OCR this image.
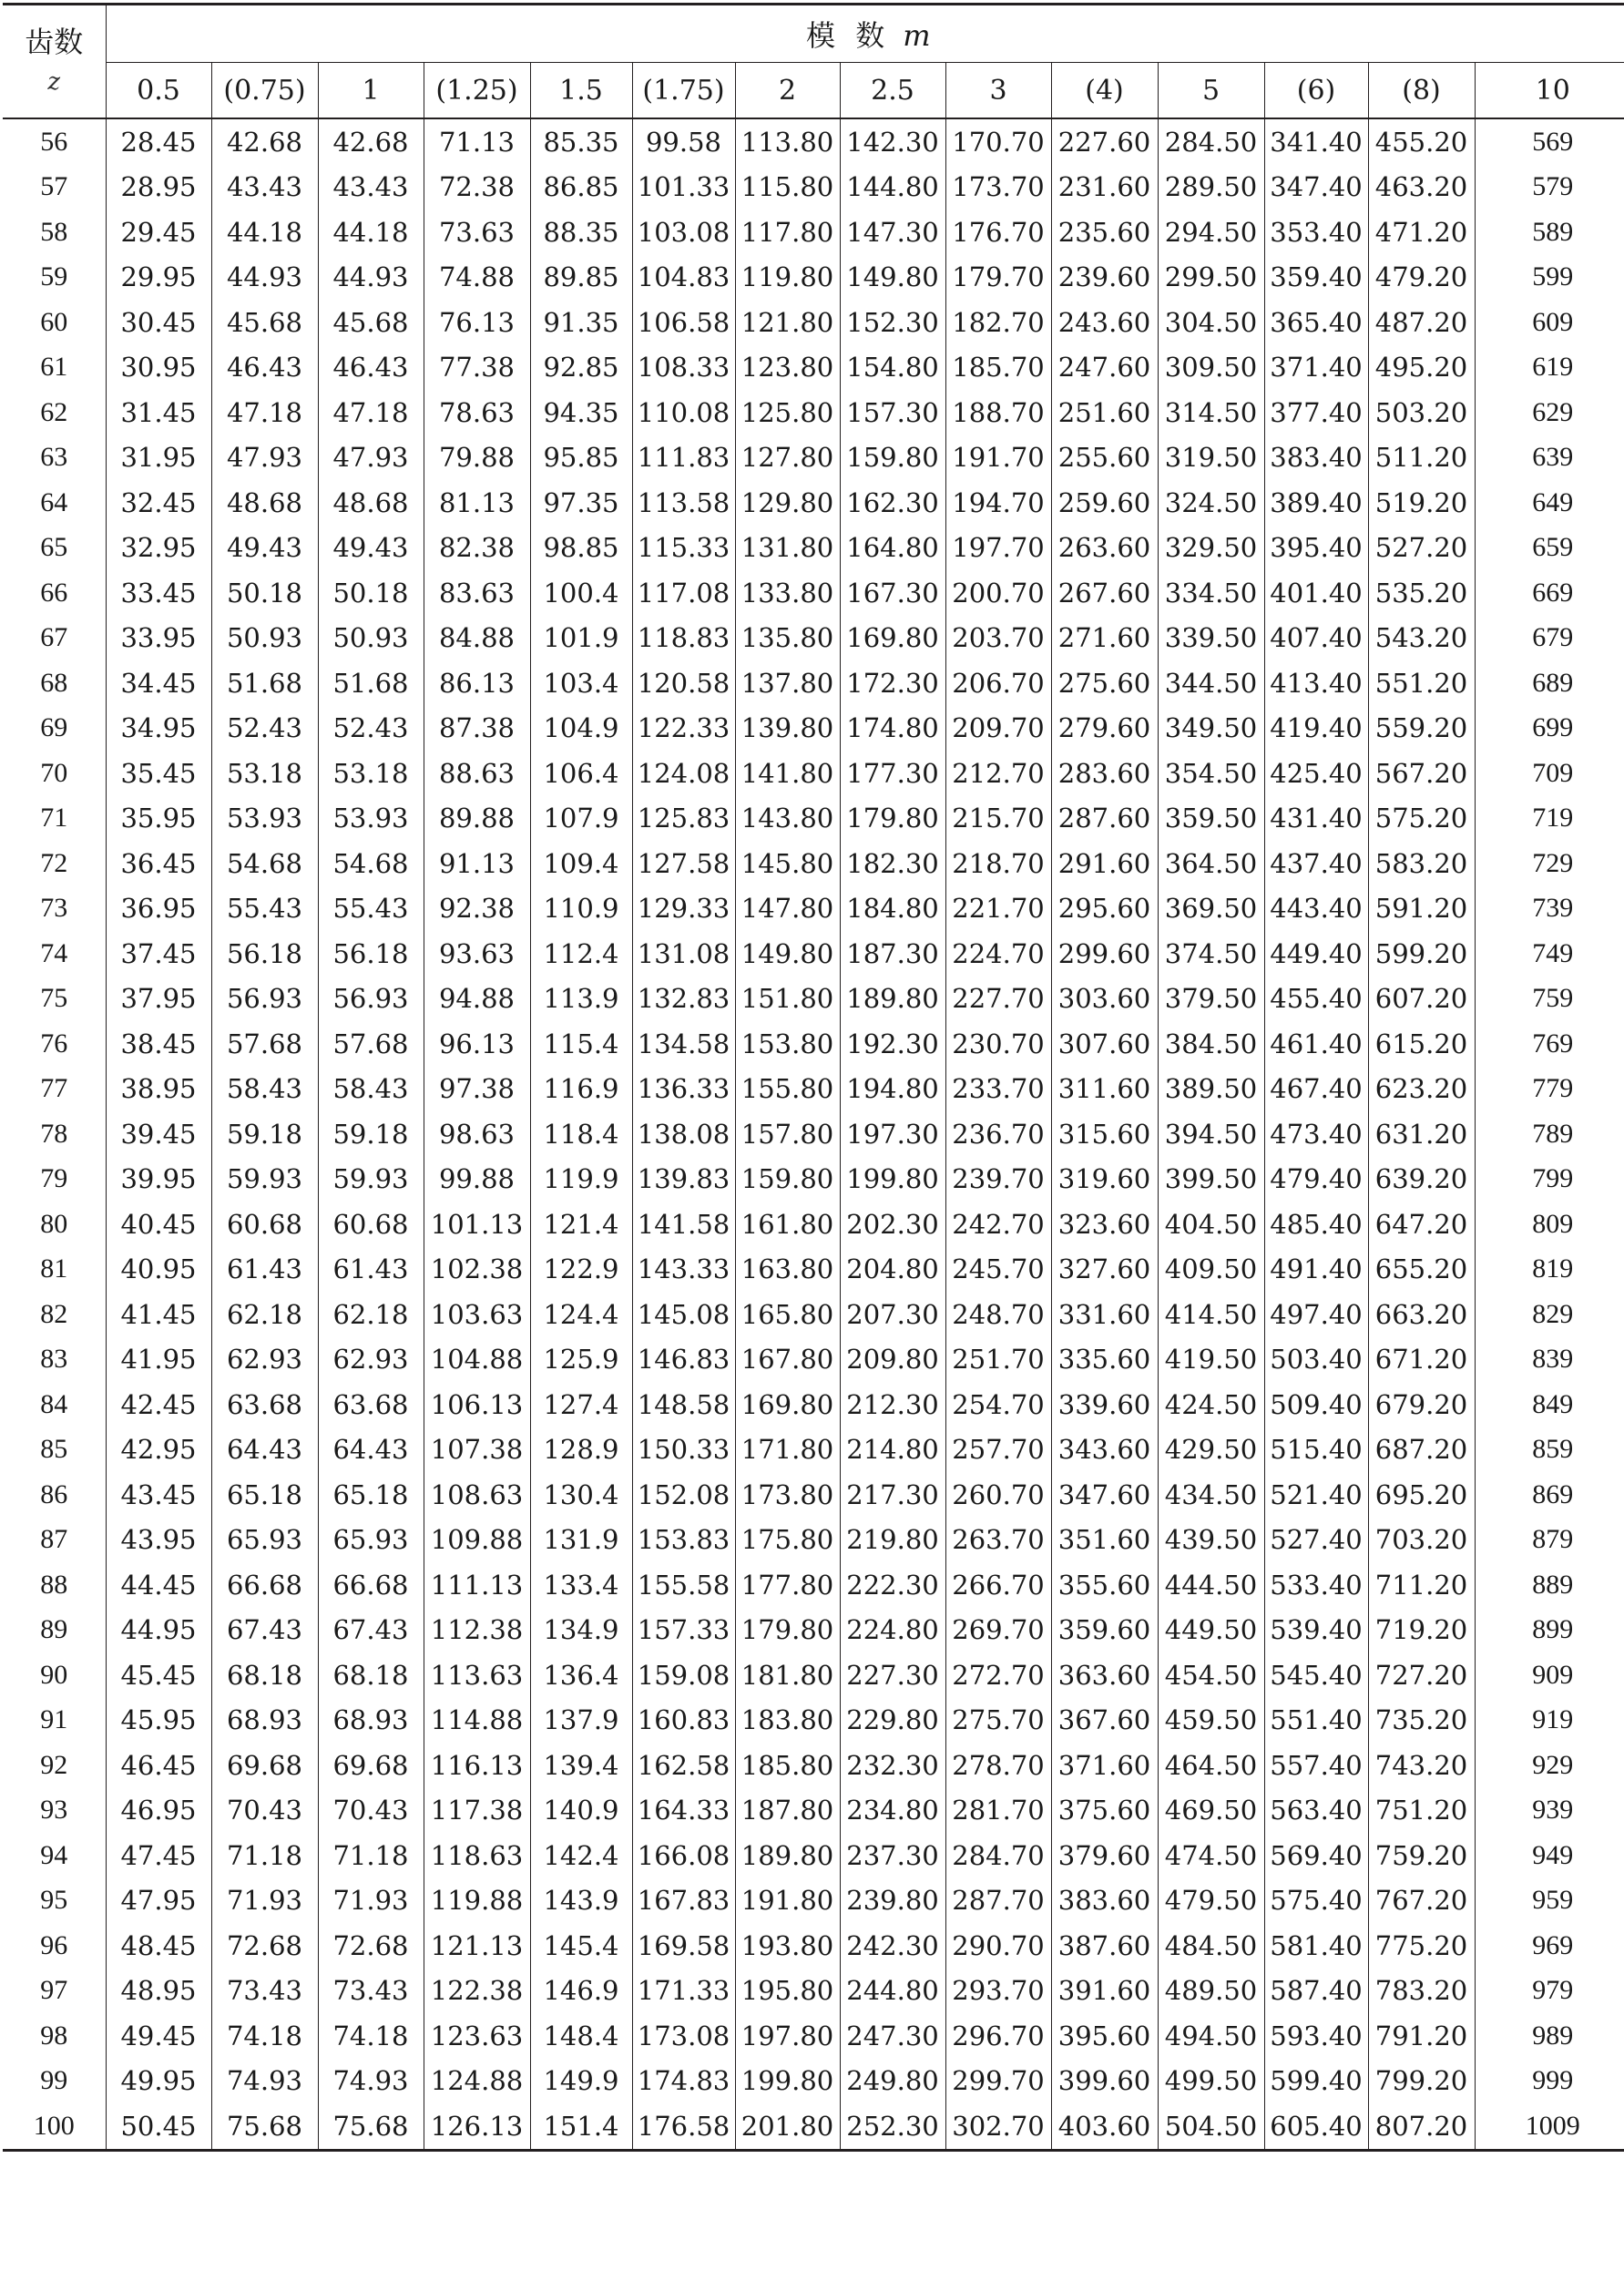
齿数
z	模 数 m													
	0.5	(0.75)	1	(1.25)	1.5	(1.75)	2	2.5	3	(4)	5	(6)	(8)	10
56	28.45	42.68	42.68	71.13	85.35	99.58	113.80	142.30	170.70	227.60	284.50	341.40	455.20	569
57	28.95	43.43	43.43	72.38	86.85	101.33	115.80	144.80	173.70	231.60	289.50	347.40	463.20	579
58	29.45	44.18	44.18	73.63	88.35	103.08	117.80	147.30	176.70	235.60	294.50	353.40	471.20	589
59	29.95	44.93	44.93	74.88	89.85	104.83	119.80	149.80	179.70	239.60	299.50	359.40	479.20	599
60	30.45	45.68	45.68	76.13	91.35	106.58	121.80	152.30	182.70	243.60	304.50	365.40	487.20	609
61	30.95	46.43	46.43	77.38	92.85	108.33	123.80	154.80	185.70	247.60	309.50	371.40	495.20	619
62	31.45	47.18	47.18	78.63	94.35	110.08	125.80	157.30	188.70	251.60	314.50	377.40	503.20	629
63	31.95	47.93	47.93	79.88	95.85	111.83	127.80	159.80	191.70	255.60	319.50	383.40	511.20	639
64	32.45	48.68	48.68	81.13	97.35	113.58	129.80	162.30	194.70	259.60	324.50	389.40	519.20	649
65	32.95	49.43	49.43	82.38	98.85	115.33	131.80	164.80	197.70	263.60	329.50	395.40	527.20	659
66	33.45	50.18	50.18	83.63	100.4	117.08	133.80	167.30	200.70	267.60	334.50	401.40	535.20	669
67	33.95	50.93	50.93	84.88	101.9	118.83	135.80	169.80	203.70	271.60	339.50	407.40	543.20	679
68	34.45	51.68	51.68	86.13	103.4	120.58	137.80	172.30	206.70	275.60	344.50	413.40	551.20	689
69	34.95	52.43	52.43	87.38	104.9	122.33	139.80	174.80	209.70	279.60	349.50	419.40	559.20	699
70	35.45	53.18	53.18	88.63	106.4	124.08	141.80	177.30	212.70	283.60	354.50	425.40	567.20	709
71	35.95	53.93	53.93	89.88	107.9	125.83	143.80	179.80	215.70	287.60	359.50	431.40	575.20	719
72	36.45	54.68	54.68	91.13	109.4	127.58	145.80	182.30	218.70	291.60	364.50	437.40	583.20	729
73	36.95	55.43	55.43	92.38	110.9	129.33	147.80	184.80	221.70	295.60	369.50	443.40	591.20	739
74	37.45	56.18	56.18	93.63	112.4	131.08	149.80	187.30	224.70	299.60	374.50	449.40	599.20	749
75	37.95	56.93	56.93	94.88	113.9	132.83	151.80	189.80	227.70	303.60	379.50	455.40	607.20	759
76	38.45	57.68	57.68	96.13	115.4	134.58	153.80	192.30	230.70	307.60	384.50	461.40	615.20	769
77	38.95	58.43	58.43	97.38	116.9	136.33	155.80	194.80	233.70	311.60	389.50	467.40	623.20	779
78	39.45	59.18	59.18	98.63	118.4	138.08	157.80	197.30	236.70	315.60	394.50	473.40	631.20	789
79	39.95	59.93	59.93	99.88	119.9	139.83	159.80	199.80	239.70	319.60	399.50	479.40	639.20	799
80	40.45	60.68	60.68	101.13	121.4	141.58	161.80	202.30	242.70	323.60	404.50	485.40	647.20	809
81	40.95	61.43	61.43	102.38	122.9	143.33	163.80	204.80	245.70	327.60	409.50	491.40	655.20	819
82	41.45	62.18	62.18	103.63	124.4	145.08	165.80	207.30	248.70	331.60	414.50	497.40	663.20	829
83	41.95	62.93	62.93	104.88	125.9	146.83	167.80	209.80	251.70	335.60	419.50	503.40	671.20	839
84	42.45	63.68	63.68	106.13	127.4	148.58	169.80	212.30	254.70	339.60	424.50	509.40	679.20	849
85	42.95	64.43	64.43	107.38	128.9	150.33	171.80	214.80	257.70	343.60	429.50	515.40	687.20	859
86	43.45	65.18	65.18	108.63	130.4	152.08	173.80	217.30	260.70	347.60	434.50	521.40	695.20	869
87	43.95	65.93	65.93	109.88	131.9	153.83	175.80	219.80	263.70	351.60	439.50	527.40	703.20	879
88	44.45	66.68	66.68	111.13	133.4	155.58	177.80	222.30	266.70	355.60	444.50	533.40	711.20	889
89	44.95	67.43	67.43	112.38	134.9	157.33	179.80	224.80	269.70	359.60	449.50	539.40	719.20	899
90	45.45	68.18	68.18	113.63	136.4	159.08	181.80	227.30	272.70	363.60	454.50	545.40	727.20	909
91	45.95	68.93	68.93	114.88	137.9	160.83	183.80	229.80	275.70	367.60	459.50	551.40	735.20	919
92	46.45	69.68	69.68	116.13	139.4	162.58	185.80	232.30	278.70	371.60	464.50	557.40	743.20	929
93	46.95	70.43	70.43	117.38	140.9	164.33	187.80	234.80	281.70	375.60	469.50	563.40	751.20	939
94	47.45	71.18	71.18	118.63	142.4	166.08	189.80	237.30	284.70	379.60	474.50	569.40	759.20	949
95	47.95	71.93	71.93	119.88	143.9	167.83	191.80	239.80	287.70	383.60	479.50	575.40	767.20	959
96	48.45	72.68	72.68	121.13	145.4	169.58	193.80	242.30	290.70	387.60	484.50	581.40	775.20	969
97	48.95	73.43	73.43	122.38	146.9	171.33	195.80	244.80	293.70	391.60	489.50	587.40	783.20	979
98	49.45	74.18	74.18	123.63	148.4	173.08	197.80	247.30	296.70	395.60	494.50	593.40	791.20	989
99	49.95	74.93	74.93	124.88	149.9	174.83	199.80	249.80	299.70	399.60	499.50	599.40	799.20	999
100	50.45	75.68	75.68	126.13	151.4	176.58	201.80	252.30	302.70	403.60	504.50	605.40	807.20	1009
